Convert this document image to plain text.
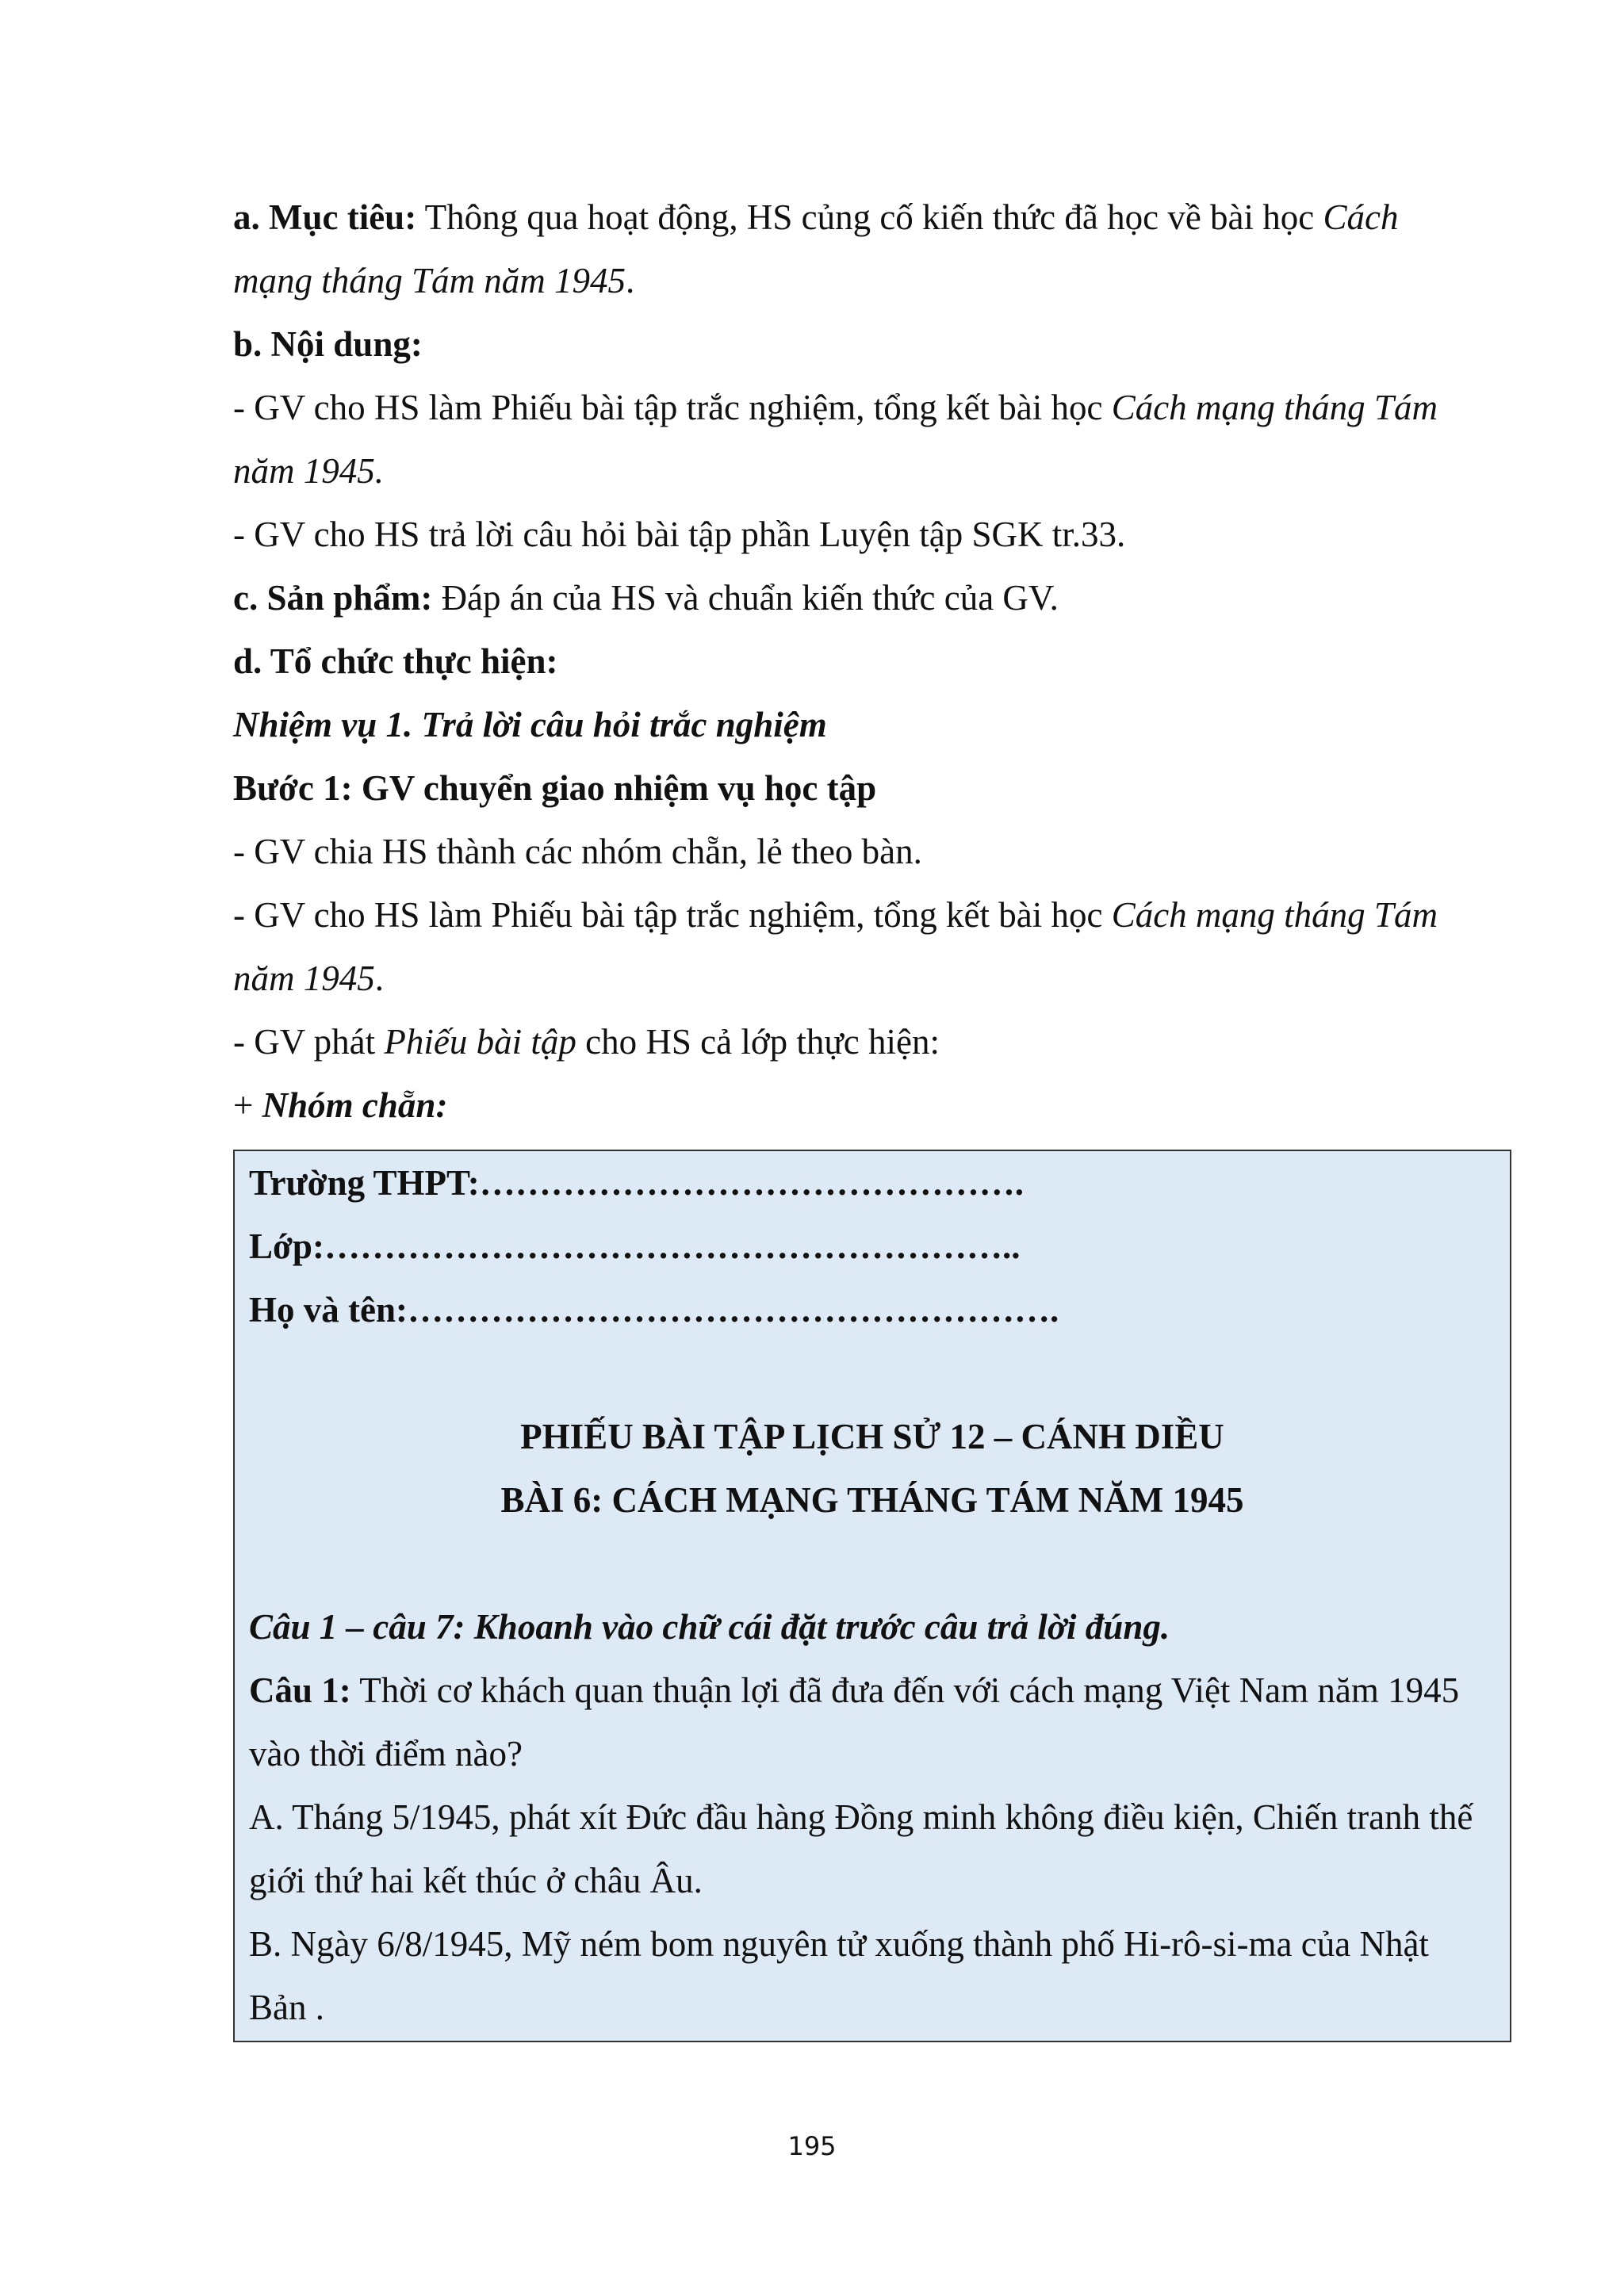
a. Mục tiêu: Thông qua hoạt động, HS củng cố kiến thức đã học về bài học Cách
mạng tháng Tám năm 1945.
b. Nội dung:
- GV cho HS làm Phiếu bài tập trắc nghiệm, tổng kết bài học Cách mạng tháng Tám
năm 1945.
- GV cho HS trả lời câu hỏi bài tập phần Luyện tập SGK tr.33.
c. Sản phẩm: Đáp án của HS và chuẩn kiến thức của GV.
d. Tổ chức thực hiện:
Nhiệm vụ 1. Trả lời câu hỏi trắc nghiệm
Bước 1: GV chuyển giao nhiệm vụ học tập
- GV chia HS thành các nhóm chẵn, lẻ theo bàn.
- GV cho HS làm Phiếu bài tập trắc nghiệm, tổng kết bài học Cách mạng tháng Tám
năm 1945.
- GV phát Phiếu bài tập cho HS cả lớp thực hiện:
+ Nhóm chẵn:
Trường THPT:……………………………………….
Lớp:…………………………………………………..
Họ và tên:……………………………………………….
PHIẾU BÀI TẬP LỊCH SỬ 12 – CÁNH DIỀU
BÀI 6: CÁCH MẠNG THÁNG TÁM NĂM 1945
Câu 1 – câu 7: Khoanh vào chữ cái đặt trước câu trả lời đúng.
Câu 1: Thời cơ khách quan thuận lợi đã đưa đến với cách mạng Việt Nam năm 1945
vào thời điểm nào?
A. Tháng 5/1945, phát xít Đức đầu hàng Đồng minh không điều kiện, Chiến tranh thế
giới thứ hai kết thúc ở châu Âu.
B. Ngày 6/8/1945, Mỹ ném bom nguyên tử xuống thành phố Hi-rô-si-ma của Nhật
Bản .
195
